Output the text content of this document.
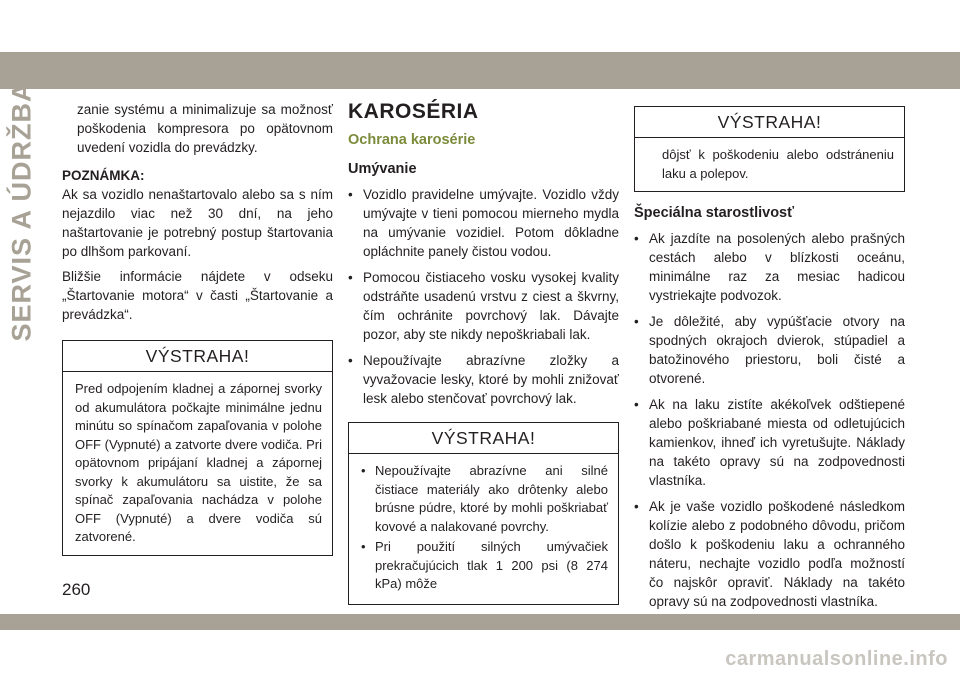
SERVIS A ÚDRŽBA	zanie systému a minimalizuje sa možnosť poškodenia kompresora po opätovnom uvedení vozidla do prevádzky.

POZNÁMKA:

Ak sa vozidlo nenaštartovalo alebo sa s ním nejazdilo viac než 30 dní, na jeho naštartovanie je potrebný postup štartovania po dlhšom parkovaní.

Bližšie informácie nájdete v odseku „Štartovanie motora“ v časti „Štartovanie a prevádzka“.

VÝSTRAHA!

Pred odpojením kladnej a zápornej svorky od akumulátora počkajte minimálne jednu minútu so spínačom zapaľovania v polohe OFF (Vypnuté) a zatvorte dvere vodiča. Pri opätovnom pripájaní kladnej a zápornej svorky k akumulátoru sa uistite, že sa spínač zapaľovania nachádza v polohe OFF (Vypnuté) a dvere vodiča sú zatvorené.

KAROSÉRIA
Ochrana karosérie
Umývanie
• Vozidlo pravidelne umývajte. Vozidlo vždy umývajte v tieni pomocou mierneho mydla na umývanie vozidiel. Potom dôkladne opláchnite panely čistou vodou.
• Pomocou čistiaceho vosku vysokej kvality odstráňte usadenú vrstvu z ciest a škvrny, čím ochránite povrchový lak. Dávajte pozor, aby ste nikdy nepoškriabali lak.
• Nepoužívajte abrazívne zložky a vyvažovacie lesky, ktoré by mohli znižovať lesk alebo stenčovať povrchový lak.
VÝSTRAHA!
• Nepoužívajte abrazívne ani silné čistiace materiály ako drôtenky alebo brúsne púdre, ktoré by mohli poškriabať kovové a nalakované povrchy.
• Pri použití silných umývačiek prekračujúcich tlak 1 200 psi (8 274 kPa) môže
VÝSTRAHA!

dôjsť k poškodeniu alebo odstráneniu laku a polepov.

Špeciálna starostlivosť
• Ak jazdíte na posolených alebo prašných cestách alebo v blízkosti oceánu, minimálne raz za mesiac hadicou vystriekajte podvozok.
• Je dôležité, aby vypúšťacie otvory na spodných okrajoch dvierok, stúpadiel a batožinového priestoru, boli čisté a otvorené.
• Ak na laku zistíte akékoľvek odštiepené alebo poškriabané miesta od odletujúcich kamienkov, ihneď ich vyretušujte. Náklady na takéto opravy sú na zodpovednosti vlastníka.
• Ak je vaše vozidlo poškodené následkom kolízie alebo z podobného dôvodu, pričom došlo k poškodeniu laku a ochranného náteru, nechajte vozidlo podľa možností čo najskôr opraviť. Náklady na takéto opravy sú na zodpovednosti vlastníka.
260
carmanualsonline.info
